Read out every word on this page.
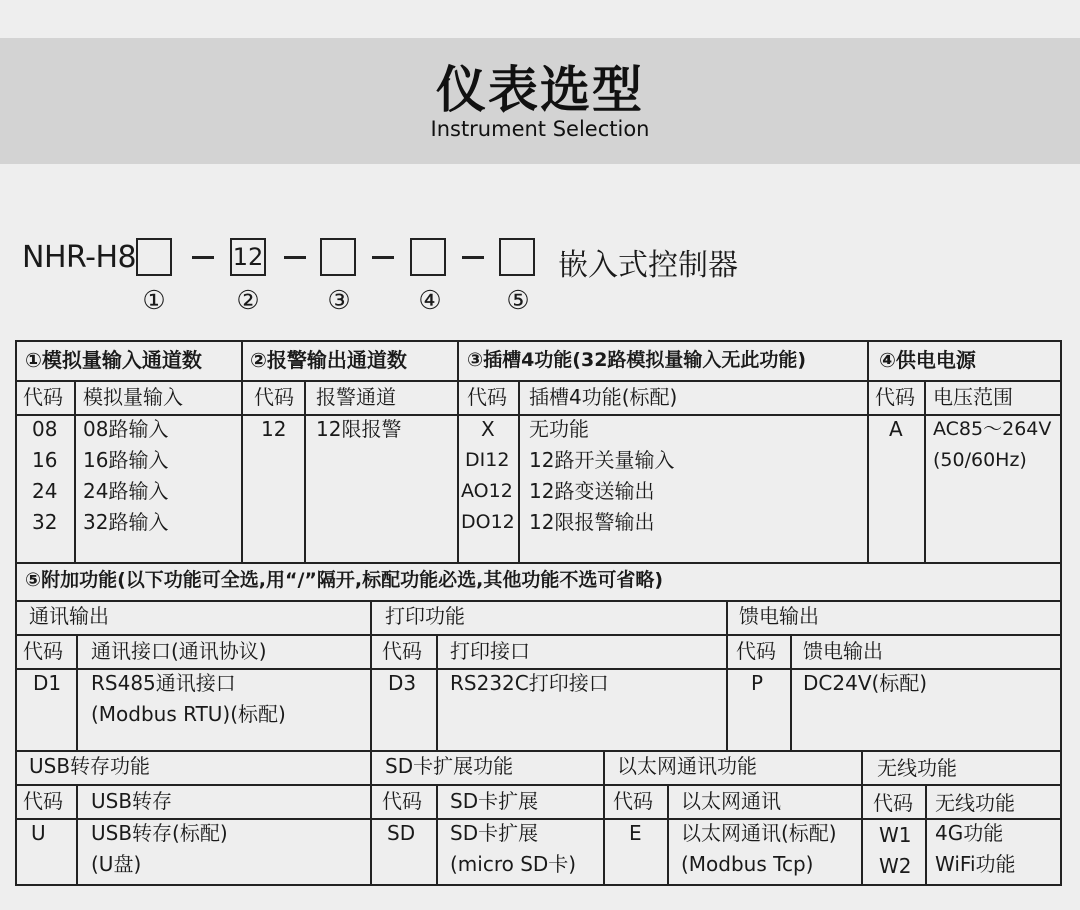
仪表选型
Instrument Selection
NHR-H8	12	嵌入式控制器
①	②	③	④	⑤
①模拟量输入通道数
代码 模拟量输入
08 08路输入
16 16路输入
24 24路输入
32 32路输入
②报警输出通道数
代码 报警通道
12 12限报警
③插槽4功能(32路模拟量输入无此功能)
代码 插槽4功能(标配)
X 无功能
DI12 12路开关量输入
AO12 12路变送输出
DO12 12限报警输出
④供电电源
代码 电压范围
A AC85～264V
(50/60Hz)
⑤附加功能(以下功能可全选,用“/”隔开,标配功能必选,其他功能不选可省略)
通讯输出
代码 通讯接口(通讯协议)
D1 RS485通讯接口
(Modbus RTU)(标配)
打印功能
代码 打印接口
D3 RS232C打印接口
馈电输出
代码 馈电输出
P DC24V(标配)
USB转存功能
代码 USB转存
U USB转存(标配)
(U盘)
SD卡扩展功能
代码 SD卡扩展
SD SD卡扩展
(micro SD卡)
以太网通讯功能
代码 以太网通讯
E 以太网通讯(标配)
(Modbus Tcp)
无线功能
代码 无线功能
W1 4G功能
W2 WiFi功能
